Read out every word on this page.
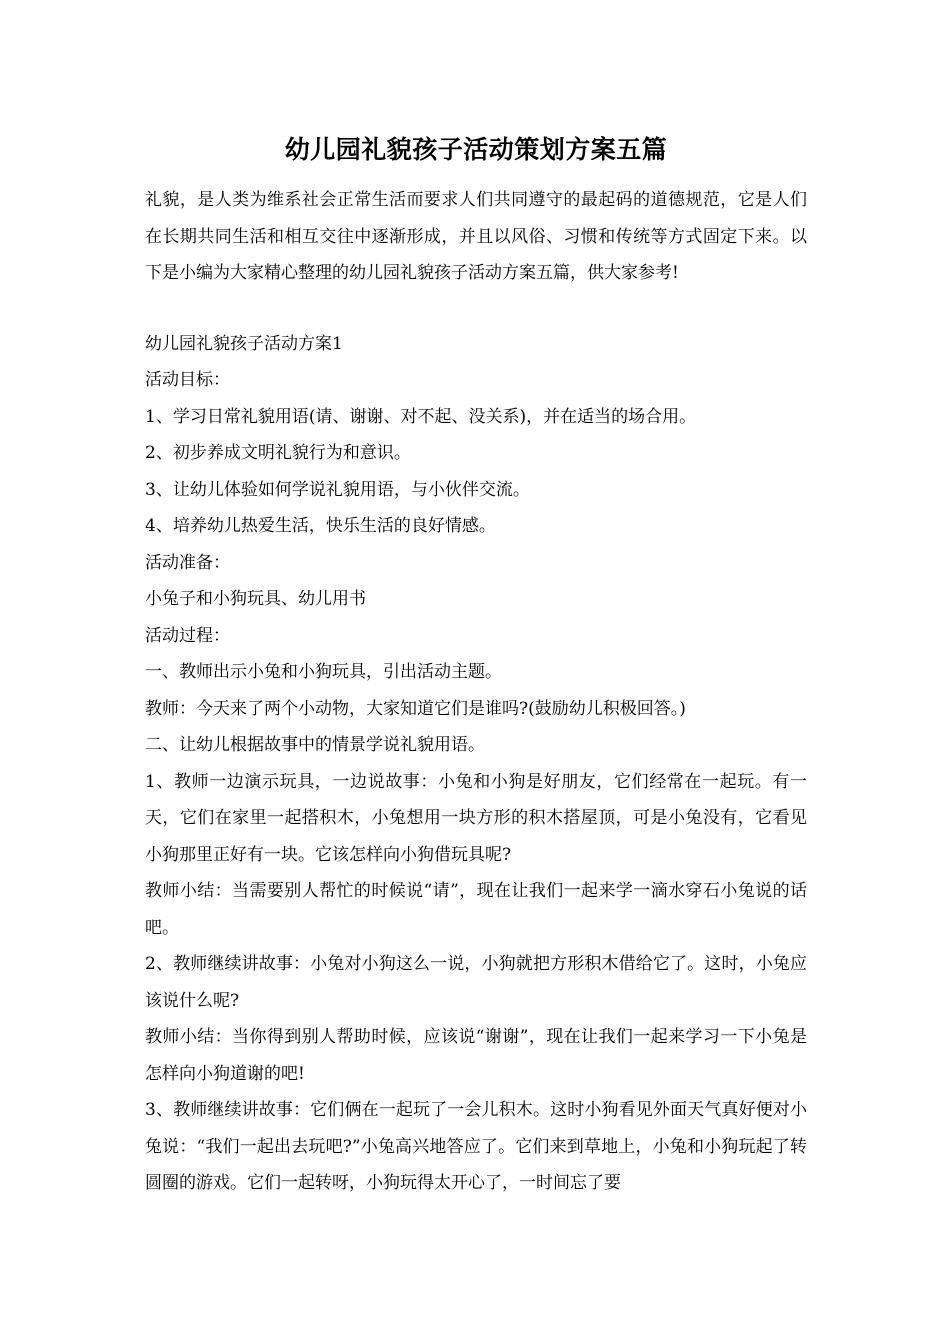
幼儿园礼貌孩子活动策划方案五篇

礼貌，是人类为维系社会正常生活而要求人们共同遵守的最起码的道德规范，它是人们在长期共同生活和相互交往中逐渐形成，并且以风俗、习惯和传统等方式固定下来。以下是小编为大家精心整理的幼儿园礼貌孩子活动方案五篇，供大家参考!

幼儿园礼貌孩子活动方案1

活动目标：

1、学习日常礼貌用语(请、谢谢、对不起、没关系)，并在适当的场合用。

2、初步养成文明礼貌行为和意识。

3、让幼儿体验如何学说礼貌用语，与小伙伴交流。

4、培养幼儿热爱生活，快乐生活的良好情感。

活动准备：

小兔子和小狗玩具、幼儿用书

活动过程：

一、教师出示小兔和小狗玩具，引出活动主题。

教师：今天来了两个小动物，大家知道它们是谁吗?(鼓励幼儿积极回答。)

二、让幼儿根据故事中的情景学说礼貌用语。

1、教师一边演示玩具，一边说故事：小兔和小狗是好朋友，它们经常在一起玩。有一天，它们在家里一起搭积木，小兔想用一块方形的积木搭屋顶，可是小兔没有，它看见小狗那里正好有一块。它该怎样向小狗借玩具呢?

教师小结：当需要别人帮忙的时候说“请”，现在让我们一起来学一滴水穿石小兔说的话吧。

2、教师继续讲故事：小兔对小狗这么一说，小狗就把方形积木借给它了。这时，小兔应该说什么呢?

教师小结：当你得到别人帮助时候，应该说“谢谢”，现在让我们一起来学习一下小兔是怎样向小狗道谢的吧!

3、教师继续讲故事：它们俩在一起玩了一会儿积木。这时小狗看见外面天气真好便对小兔说：“我们一起出去玩吧?”小兔高兴地答应了。它们来到草地上，小兔和小狗玩起了转圆圈的游戏。它们一起转呀，小狗玩得太开心了，一时间忘了要
